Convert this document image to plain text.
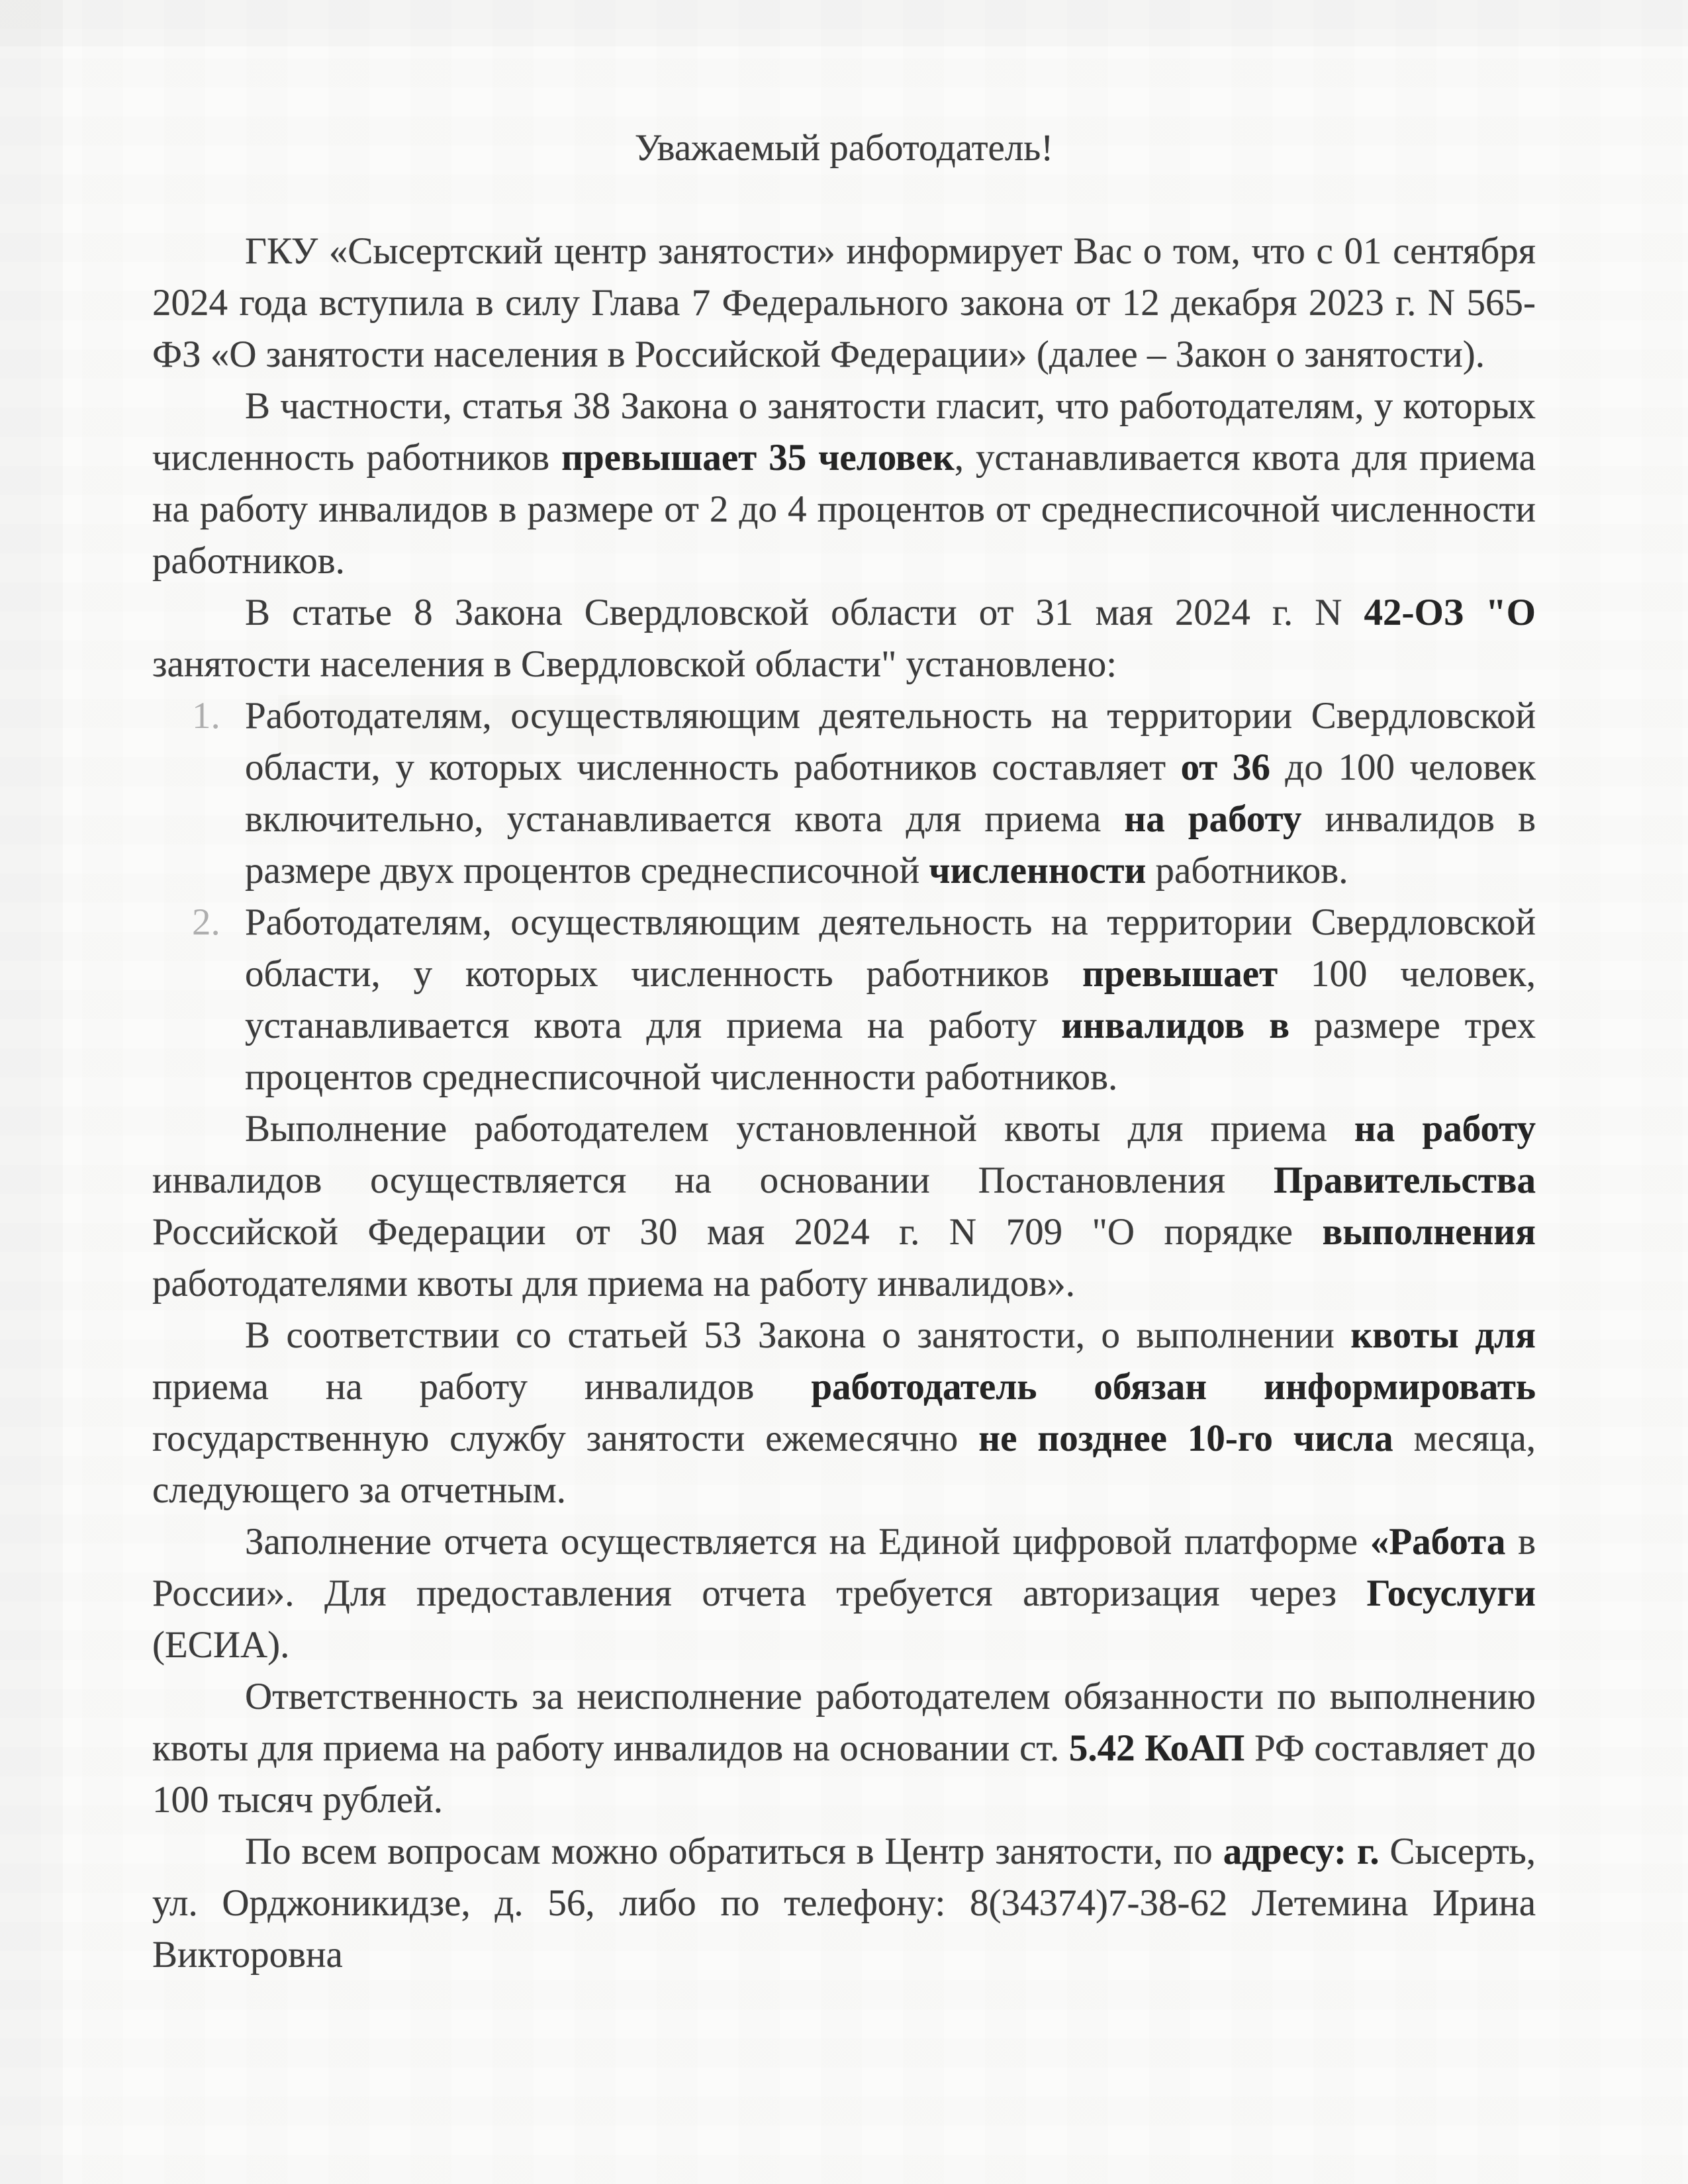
Уважаемый работодатель!

ГКУ «Сысертский центр занятости» информирует Вас о том, что с 01 сентября 2024 года вступила в силу Глава 7 Федерального закона от 12 декабря 2023 г. N 565-ФЗ «О занятости населения в Российской Федерации» (далее – Закон о занятости).

В частности, статья 38 Закона о занятости гласит, что работодателям, у которых численность работников превышает 35 человек, устанавливается квота для приема на работу инвалидов в размере от 2 до 4 процентов от среднесписочной численности работников.

В статье 8 Закона Свердловской области от 31 мая 2024 г. N 42-ОЗ "О занятости населения в Свердловской области" установлено:

1. Работодателям, осуществляющим деятельность на территории Свердловской области, у которых численность работников составляет от 36 до 100 человек включительно, устанавливается квота для приема на работу инвалидов в размере двух процентов среднесписочной численности работников.
2. Работодателям, осуществляющим деятельность на территории Свердловской области, у которых численность работников превышает 100 человек, устанавливается квота для приема на работу инвалидов в размере трех процентов среднесписочной численности работников.

Выполнение работодателем установленной квоты для приема на работу инвалидов осуществляется на основании Постановления Правительства Российской Федерации от 30 мая 2024 г. N 709 "О порядке выполнения работодателями квоты для приема на работу инвалидов».

В соответствии со статьей 53 Закона о занятости, о выполнении квоты для приема на работу инвалидов работодатель обязан информировать государственную службу занятости ежемесячно не позднее 10-го числа месяца, следующего за отчетным.

Заполнение отчета осуществляется на Единой цифровой платформе «Работа в России». Для предоставления отчета требуется авторизация через Госуслуги (ЕСИА).

Ответственность за неисполнение работодателем обязанности по выполнению квоты для приема на работу инвалидов на основании ст. 5.42 КоАП РФ составляет до 100 тысяч рублей.

По всем вопросам можно обратиться в Центр занятости, по адресу: г. Сысерть, ул. Орджоникидзе, д. 56, либо по телефону: 8(34374)7-38-62 Летемина Ирина Викторовна
